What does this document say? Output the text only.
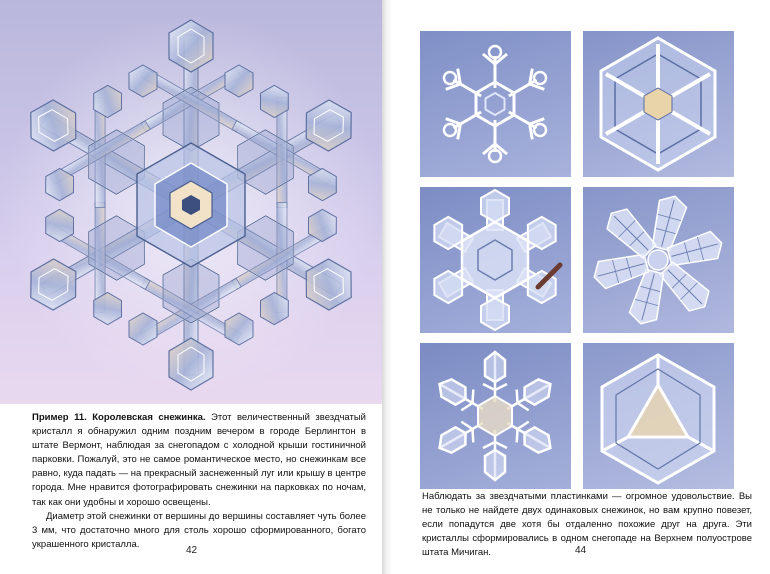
Пример 11. Королевская снежинка. Этот величественный звездчатый кристалл я обнаружил одним поздним вечером в городе Берлингтон в штате Вермонт, наблюдая за снегопадом с холодной крыши гостиничной парковки. Пожалуй, это не самое романтическое место, но снежинкам все равно, куда падать — на прекрасный заснеженный луг или крышу в центре города. Мне нравится фотографировать снежинки на парковках по ночам, так как они удобны и хорошо освещены.

Диаметр этой снежинки от вершины до вершины составляет чуть более 3 мм, что достаточно много для столь хорошо сформированного, богато украшенного кристалла.

42
Наблюдать за звездчатыми пластинками — огромное удовольствие. Вы не только не найдете двух одинаковых снежинок, но вам крупно повезет, если попадутся две хотя бы отдаленно похожие друг на друга. Эти кристаллы сформировались в одном снегопаде на Верхнем полуострове штата Мичиган.	44
